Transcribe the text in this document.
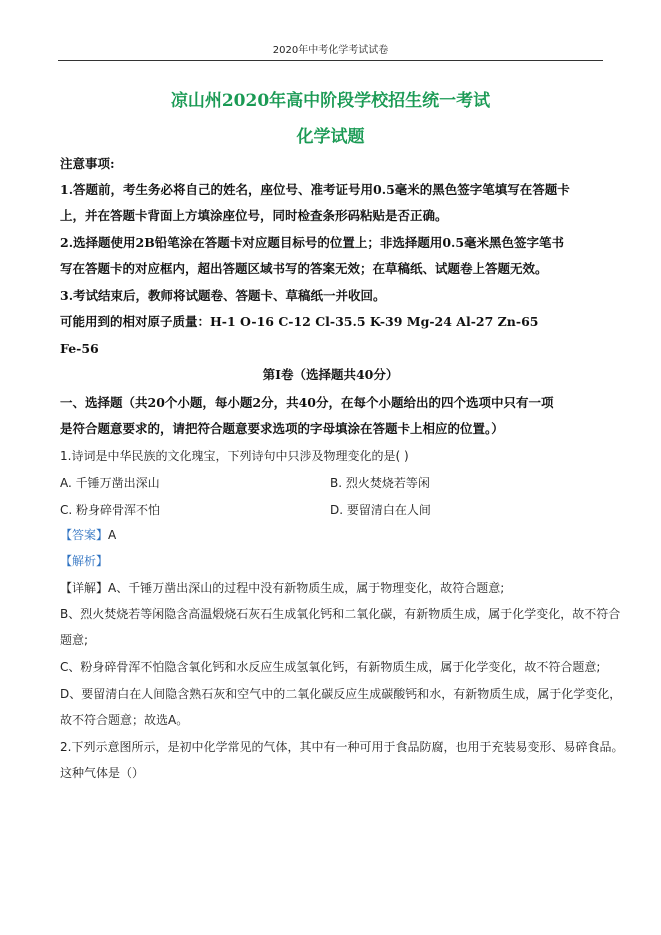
2020年中考化学考试试卷
凉山州2020年高中阶段学校招生统一考试
化学试题
注意事项:
1.答题前，考生务必将自己的姓名，座位号、准考证号用0.5毫米的黑色签字笔填写在答题卡
上，并在答题卡背面上方填涂座位号，同时检查条形码粘贴是否正确。
2.选择题使用2B铅笔涂在答题卡对应题目标号的位置上；非选择题用0.5毫米黑色签字笔书
写在答题卡的对应框内，超出答题区域书写的答案无效；在草稿纸、试题卷上答题无效。
3.考试结束后，教师将试题卷、答题卡、草稿纸一并收回。
可能用到的相对原子质量：H-1 O-16 C-12 Cl-35.5 K-39 Mg-24 Al-27 Zn-65
Fe-56
第Ⅰ卷（选择题共40分）
一、选择题（共20个小题，每小题2分，共40分，在每个小题给出的四个选项中只有一项
是符合题意要求的，请把符合题意要求选项的字母填涂在答题卡上相应的位置。）
1.诗词是中华民族的文化瑰宝，下列诗句中只涉及物理变化的是( )
A. 千锤万凿出深山	B. 烈火焚烧若等闲
C. 粉身碎骨浑不怕	D. 要留清白在人间
【答案】A
【解析】
【详解】A、千锤万凿出深山的过程中没有新物质生成，属于物理变化，故符合题意;
B、烈火焚烧若等闲隐含高温煅烧石灰石生成氧化钙和二氧化碳，有新物质生成，属于化学变化，故不符合
题意;
C、粉身碎骨浑不怕隐含氧化钙和水反应生成氢氧化钙，有新物质生成，属于化学变化，故不符合题意;
D、要留清白在人间隐含熟石灰和空气中的二氧化碳反应生成碳酸钙和水，有新物质生成，属于化学变化，
故不符合题意；故选A。
2.下列示意图所示，是初中化学常见的气体，其中有一种可用于食品防腐，也用于充装易变形、易碎食品。
这种气体是（）
